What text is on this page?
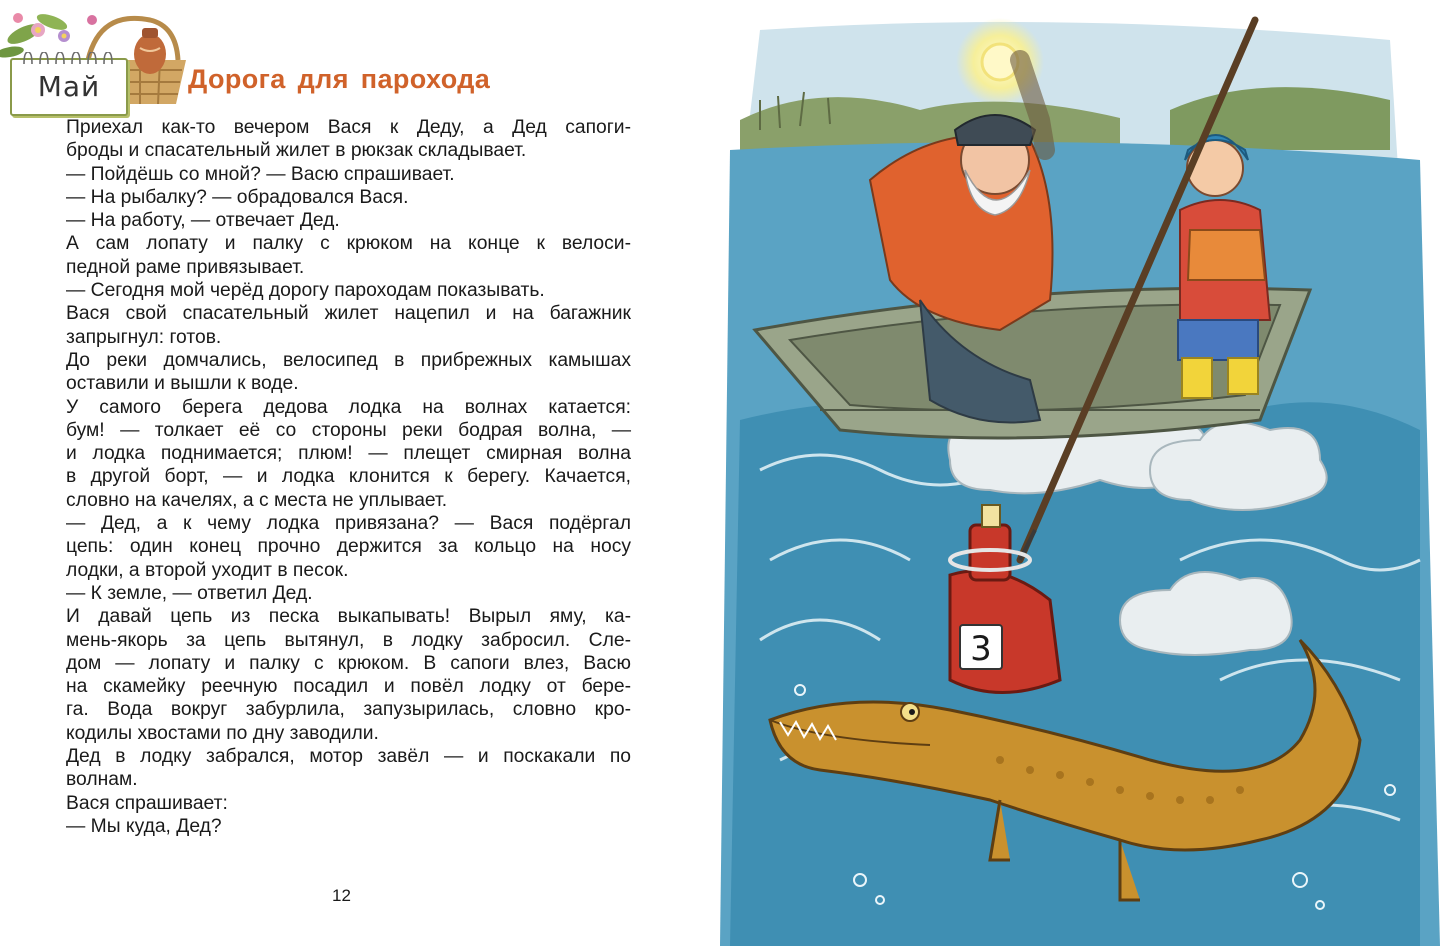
Май	Дорога для парохода
Приехал как-то вечером Вася к Деду, а Дед сапоги-
броды и спасательный жилет в рюкзак складывает.
— Пойдёшь со мной? — Васю спрашивает.
— На рыбалку? — обрадовался Вася.
— На работу, — отвечает Дед.
А сам лопату и палку с крюком на конце к велоси-
педной раме привязывает.
— Сегодня мой черёд дорогу пароходам показывать.
Вася свой спасательный жилет нацепил и на багажник
запрыгнул: готов.
До реки домчались, велосипед в прибрежных камышах
оставили и вышли к воде.
У самого берега дедова лодка на волнах катается:
бум! — толкает её со стороны реки бодрая волна, —
и лодка поднимается; плюм! — плещет смирная волна
в другой борт, — и лодка клонится к берегу. Качается,
словно на качелях, а с места не уплывает.
— Дед, а к чему лодка привязана? — Вася подёргал
цепь: один конец прочно держится за кольцо на носу
лодки, а второй уходит в песок.
— К земле, — ответил Дед.
И давай цепь из песка выкапывать! Вырыл яму, ка-
мень-якорь за цепь вытянул, в лодку забросил. Сле-
дом — лопату и палку с крюком. В сапоги влез, Васю
на скамейку реечную посадил и повёл лодку от бере-
га. Вода вокруг забурлила, запузырилась, словно кро-
кодилы хвостами по дну заводили.
Дед в лодку забрался, мотор завёл — и поскакали по
волнам.
Вася спрашивает:
— Мы куда, Дед?
12
3
